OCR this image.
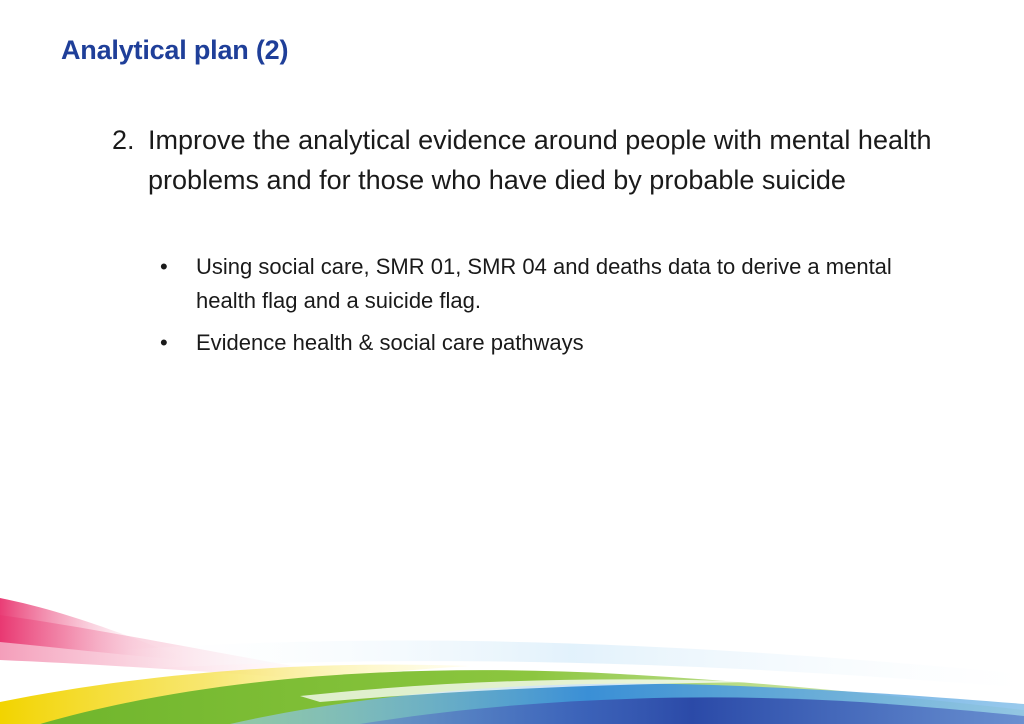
Analytical plan (2)
2. Improve the analytical evidence around people with mental health problems and for those who have died by probable suicide
•	Using social care, SMR 01, SMR 04 and deaths data to derive a mental health flag and a suicide flag.
•	Evidence health & social care pathways
